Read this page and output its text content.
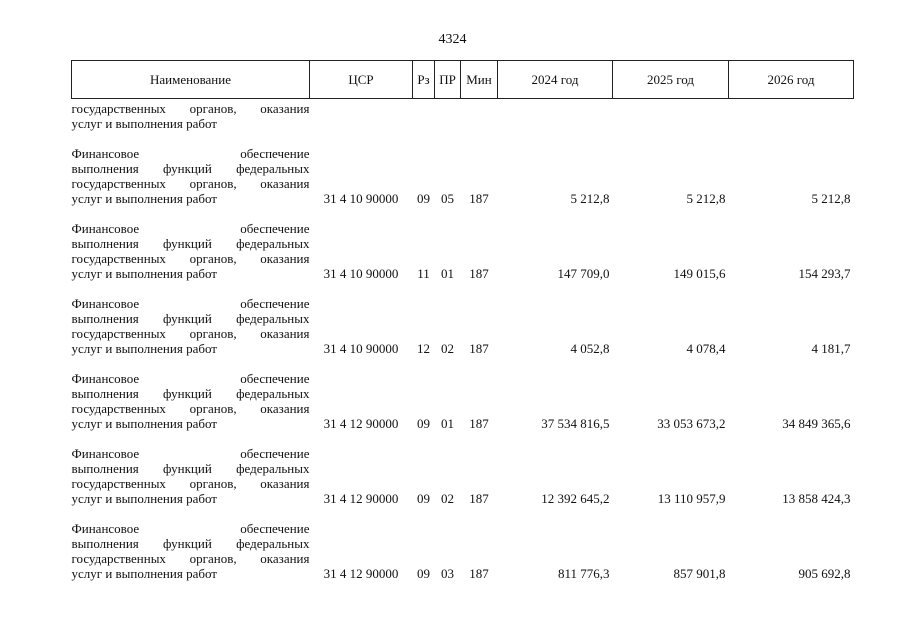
4324
Наименование	ЦСР	Рз	ПР	Мин	2024 год	2025 год	2026 год

государственных органов, оказания
услуг и выполнения работ							

Финансовое обеспечение
выполнения функций федеральных
государственных органов, оказания
услуг и выполнения работ	31 4 10 90000	09	05	187	5 212,8	5 212,8	5 212,8

Финансовое обеспечение
выполнения функций федеральных
государственных органов, оказания
услуг и выполнения работ	31 4 10 90000	11	01	187	147 709,0	149 015,6	154 293,7

Финансовое обеспечение
выполнения функций федеральных
государственных органов, оказания
услуг и выполнения работ	31 4 10 90000	12	02	187	4 052,8	4 078,4	4 181,7

Финансовое обеспечение
выполнения функций федеральных
государственных органов, оказания
услуг и выполнения работ	31 4 12 90000	09	01	187	37 534 816,5	33 053 673,2	34 849 365,6

Финансовое обеспечение
выполнения функций федеральных
государственных органов, оказания
услуг и выполнения работ	31 4 12 90000	09	02	187	12 392 645,2	13 110 957,9	13 858 424,3

Финансовое обеспечение
выполнения функций федеральных
государственных органов, оказания
услуг и выполнения работ	31 4 12 90000	09	03	187	811 776,3	857 901,8	905 692,8
